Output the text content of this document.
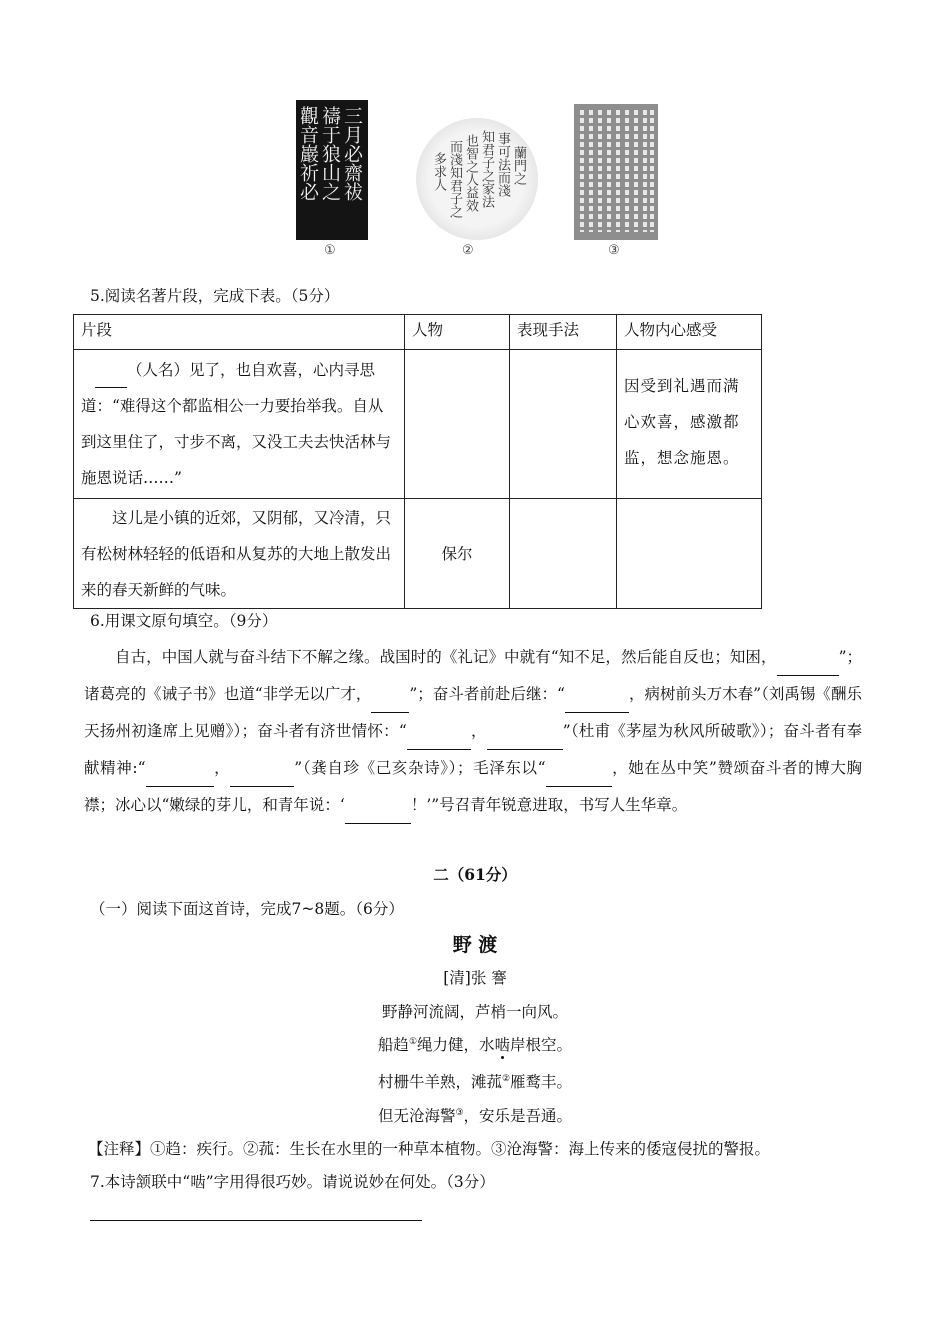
三月必齋祓
禱于狼山之
觀音巖祈必
①
蘭門之
事可法而淺
知君子之家法
也智之人益效
而淺知君子之
多求人
②	③
5.阅读名著片段，完成下表。（5分）
片段	人物	表现手法	人物内心感受
（人名）见了，也自欢喜，心内寻思道：“难得这个都监相公一力要抬举我。自从到这里住了，寸步不离，又没工夫去快活林与施恩说话……”			因受到礼遇而满心欢喜，感激都监，想念施恩。
这儿是小镇的近郊，又阴郁，又冷清，只有松树林轻轻的低语和从复苏的大地上散发出来的春天新鲜的气味。	保尔		
6.用课文原句填空。（9分）
自古，中国人就与奋斗结下不解之缘。战国时的《礼记》中就有“知不足，然后能自反也；知困，	”；诸葛亮的《诫子书》也道“非学无以广才， ”；奋斗者前赴后继：“	，病树前头万木春”（刘禹锡《酬乐天扬州初逢席上见赠》）；奋斗者有济世情怀：“	，	”（杜甫《茅屋为秋风所破歌》）；奋斗者有奉献精神:“	，	”（龚自珍《己亥杂诗》）；毛泽东以“	，她在丛中笑”赞颂奋斗者的博大胸襟；冰心以“嫩绿的芽儿，和青年说：‘	！’”号召青年锐意进取，书写人生华章。
二（61分）
（一）阅读下面这首诗，完成7~8题。（6分）
野 渡
[清]张 謇
野静河流阔，芦梢一向风。
船趋①绳力健，水啮岸根空。
村栅牛羊熟，滩菰②雁鹜丰。
但无沧海警③，安乐是吾通。
【注释】①趋：疾行。②菰：生长在水里的一种草本植物。③沧海警：海上传来的倭寇侵扰的警报。
7.本诗颔联中“啮”字用得很巧妙。请说说妙在何处。（3分）
